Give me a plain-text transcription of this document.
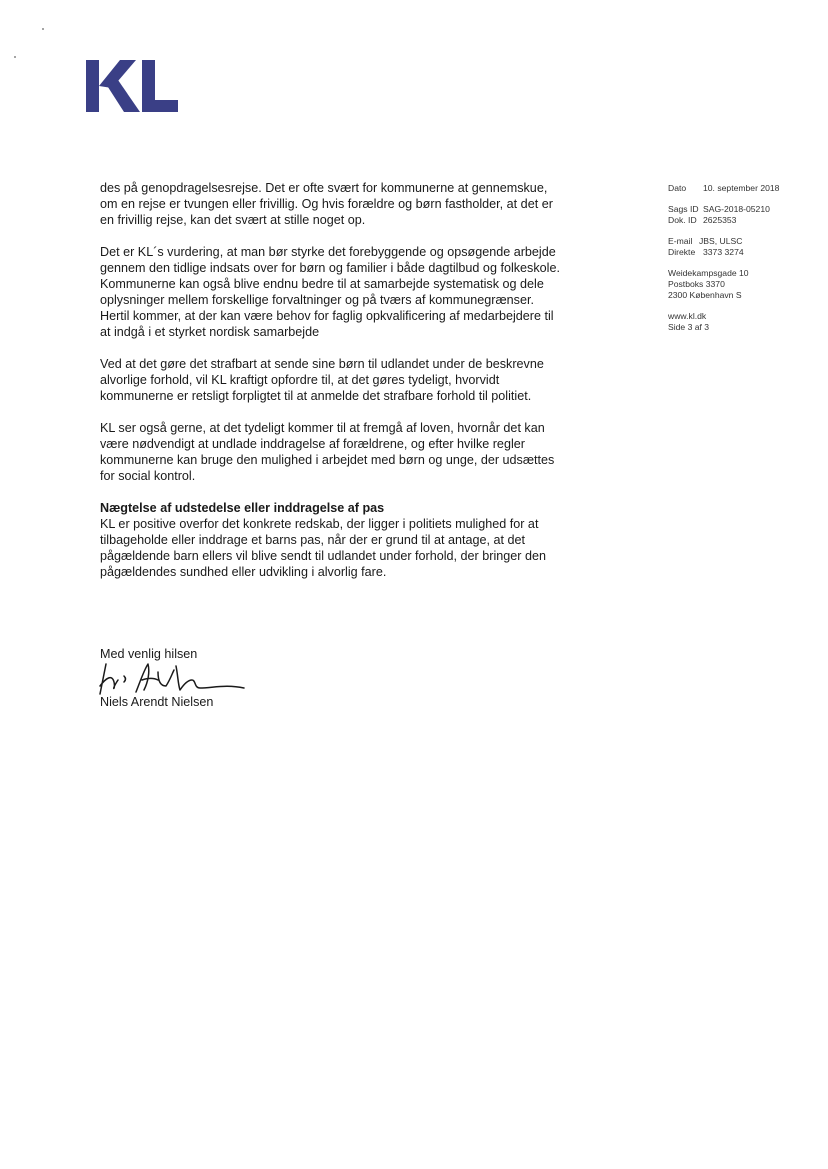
des på genopdragelsesrejse. Det er ofte svært for kommunerne at gennemskue, om en rejse er tvungen eller frivillig. Og hvis forældre og børn fastholder, at det er en frivillig rejse, kan det svært at stille noget op.

Det er KL´s vurdering, at man bør styrke det forebyggende og opsøgende arbejde gennem den tidlige indsats over for børn og familier i både dagtilbud og folkeskole. Kommunerne kan også blive endnu bedre til at samarbejde systematisk og dele oplysninger mellem forskellige forvaltninger og på tværs af kommunegrænser. Hertil kommer, at der kan være behov for faglig opkvalificering af medarbejdere til at indgå i et styrket nordisk samarbejde

Ved at det gøre det strafbart at sende sine børn til udlandet under de beskrevne alvorlige forhold, vil KL kraftigt opfordre til, at det gøres tydeligt, hvorvidt kommunerne er retsligt forpligtet til at anmelde det strafbare forhold til politiet.

KL ser også gerne, at det tydeligt kommer til at fremgå af loven, hvornår det kan være nødvendigt at undlade inddragelse af forældrene, og efter hvilke regler kommunerne kan bruge den mulighed i arbejdet med børn og unge, der udsættes for social kontrol.

Nægtelse af udstedelse eller inddragelse af pas

KL er positive overfor det konkrete redskab, der ligger i politiets mulighed for at tilbageholde eller inddrage et barns pas, når der er grund til at antage, at det pågældende barn ellers vil blive sendt til udlandet under forhold, der bringer den pågældendes sundhed eller udvikling i alvorlig fare.

Dato 10. september 2018
Sags ID SAG-2018-05210
Dok. ID 2625353
E-mail JBS, ULSC
Direkte 3373 3274
Weidekampsgade 10
Postboks 3370
2300 København S
www.kl.dk
Side 3 af 3
Med venlig hilsen
Niels Arendt Nielsen
